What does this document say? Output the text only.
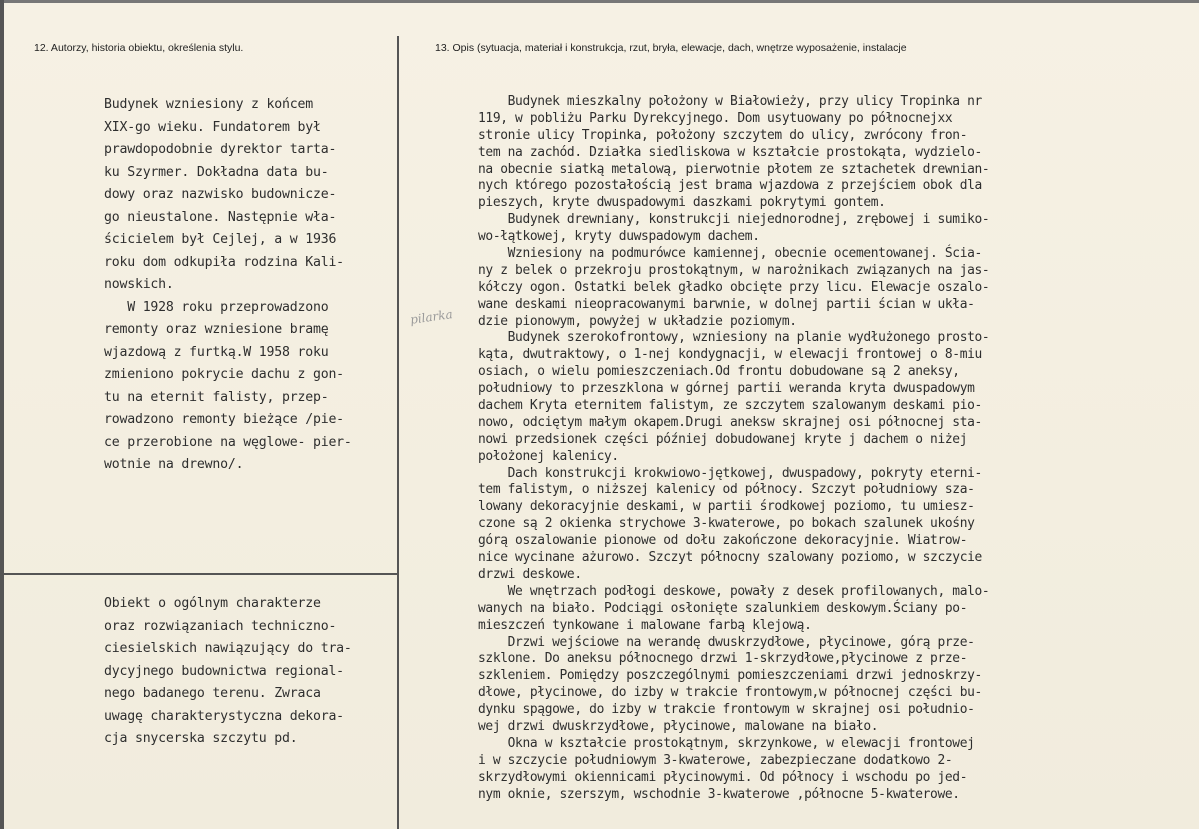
12. Autorzy, historia obiektu, określenia stylu.	13. Opis (sytuacja, materiał i konstrukcja, rzut, bryła, elewacje, dach, wnętrze wyposażenie, instalacje
pilarka
Budynek wzniesiony z końcem
XIX-go wieku. Fundatorem był
prawdopodobnie dyrektor tarta-
ku Szyrmer. Dokładna data bu-
dowy oraz nazwisko budownicze-
go nieustalone. Następnie wła-
ścicielem był Cejlej, a w 1936
roku dom odkupiła rodzina Kali-
nowskich.
W 1928 roku przeprowadzono
remonty oraz wzniesione bramę
wjazdową z furtką.W 1958 roku
zmieniono pokrycie dachu z gon-
tu na eternit falisty, przep-
rowadzono remonty bieżące /pie-
ce przerobione na węglowe- pier-
wotnie na drewno/.
Obiekt o ogólnym charakterze
oraz rozwiązaniach techniczno-
ciesielskich nawiązujący do tra-
dycyjnego budownictwa regional-
nego badanego terenu. Zwraca
uwagę charakterystyczna dekora-
cja snycerska szczytu pd.
Budynek mieszkalny położony w Białowieży, przy ulicy Tropinka nr
119, w pobliżu Parku Dyrekcyjnego. Dom usytuowany po północnejxx
stronie ulicy Tropinka, położony szczytem do ulicy, zwrócony fron-
tem na zachód. Działka siedliskowa w kształcie prostokąta, wydzielo-
na obecnie siatką metalową, pierwotnie płotem ze sztachetek drewnian-
nych którego pozostałością jest brama wjazdowa z przejściem obok dla
pieszych, kryte dwuspadowymi daszkami pokrytymi gontem.
Budynek drewniany, konstrukcji niejednorodnej, zrębowej i sumiko-
wo-łątkowej, kryty duwspadowym dachem.
Wzniesiony na podmurówce kamiennej, obecnie ocementowanej. Ścia-
ny z belek o przekroju prostokątnym, w narożnikach związanych na jas-
kółczy ogon. Ostatki belek gładko obcięte przy licu. Elewacje oszalo-
wane deskami nieopracowanymi barwnie, w dolnej partii ścian w ukła-
dzie pionowym, powyżej w układzie poziomym.
Budynek szerokofrontowy, wzniesiony na planie wydłużonego prosto-
kąta, dwutraktowy, o 1-nej kondygnacji, w elewacji frontowej o 8-miu
osiach, o wielu pomieszczeniach.Od frontu dobudowane są 2 aneksy,
południowy to przeszklona w górnej partii weranda kryta dwuspadowym
dachem Kryta eternitem falistym, ze szczytem szalowanym deskami pio-
nowo, odciętym małym okapem.Drugi aneksw skrajnej osi północnej sta-
nowi przedsionek części później dobudowanej kryte j dachem o niżej
położonej kalenicy.
Dach konstrukcji krokwiowo-jętkowej, dwuspadowy, pokryty eterni-
tem falistym, o niższej kalenicy od północy. Szczyt południowy sza-
lowany dekoracyjnie deskami, w partii środkowej poziomo, tu umiesz-
czone są 2 okienka strychowe 3-kwaterowe, po bokach szalunek ukośny
górą oszalowanie pionowe od dołu zakończone dekoracyjnie. Wiatrow-
nice wycinane ażurowo. Szczyt północny szalowany poziomo, w szczycie
drzwi deskowe.
We wnętrzach podłogi deskowe, powały z desek profilowanych, malo-
wanych na biało. Podciągi osłonięte szalunkiem deskowym.Ściany po-
mieszczeń tynkowane i malowane farbą klejową.
Drzwi wejściowe na werandę dwuskrzydłowe, płycinowe, górą prze-
szklone. Do aneksu północnego drzwi 1-skrzydłowe,płycinowe z prze-
szkleniem. Pomiędzy poszczególnymi pomieszczeniami drzwi jednoskrzy-
dłowe, płycinowe, do izby w trakcie frontowym,w północnej części bu-
dynku spągowe, do izby w trakcie frontowym w skrajnej osi południo-
wej drzwi dwuskrzydłowe, płycinowe, malowane na biało.
Okna w kształcie prostokątnym, skrzynkowe, w elewacji frontowej
i w szczycie południowym 3-kwaterowe, zabezpieczane dodatkowo 2-
skrzydłowymi okiennicami płycinowymi. Od północy i wschodu po jed-
nym oknie, szerszym, wschodnie 3-kwaterowe ,północne 5-kwaterowe.
